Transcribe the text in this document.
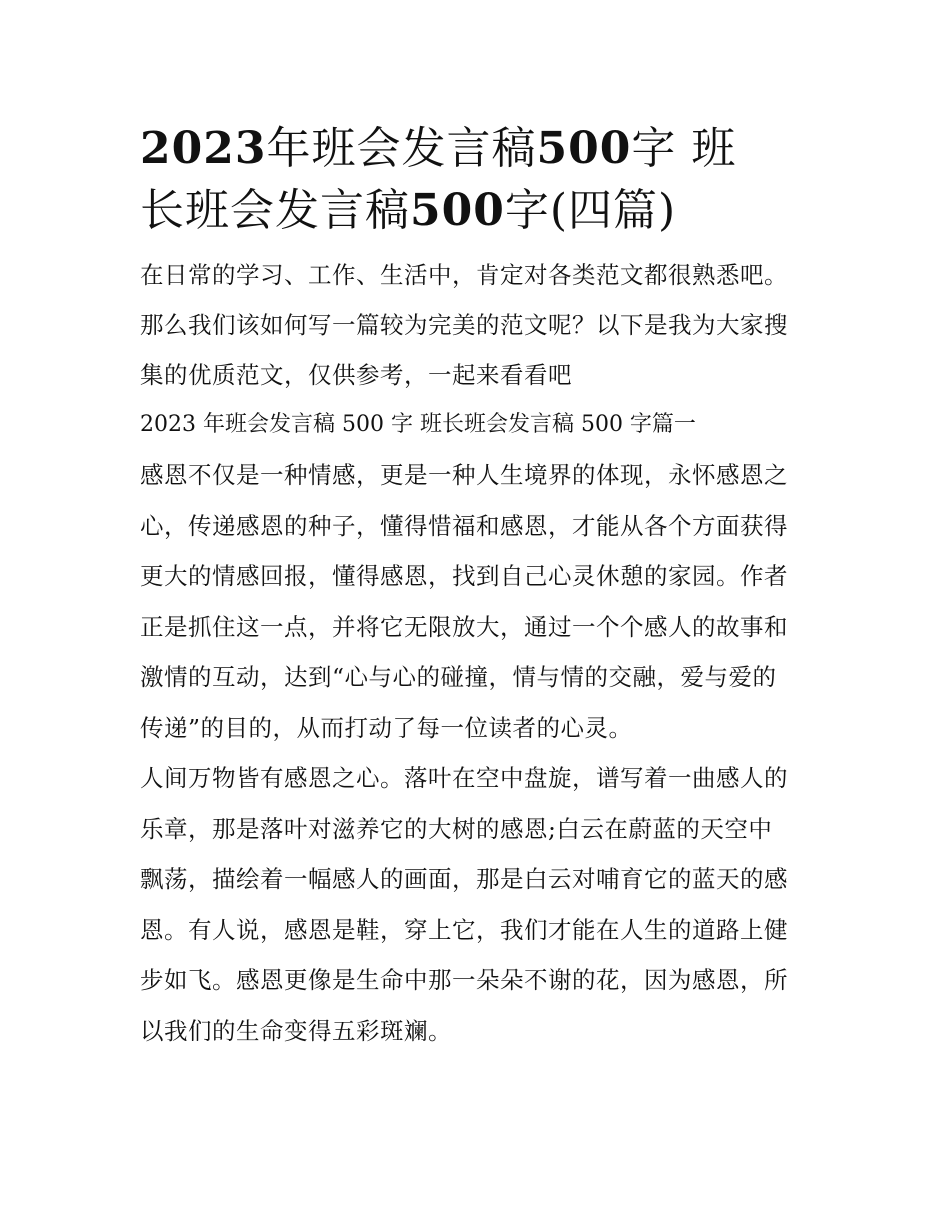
2023年班会发言稿500字 班
长班会发言稿500字(四篇)

在日常的学习、工作、生活中，肯定对各类范文都很熟悉吧。
那么我们该如何写一篇较为完美的范文呢？以下是我为大家搜
集的优质范文，仅供参考，一起来看看吧

2023 年班会发言稿 500 字 班长班会发言稿 500 字篇一

感恩不仅是一种情感，更是一种人生境界的体现，永怀感恩之
心，传递感恩的种子，懂得惜福和感恩，才能从各个方面获得
更大的情感回报，懂得感恩，找到自己心灵休憩的家园。作者
正是抓住这一点，并将它无限放大，通过一个个感人的故事和
激情的互动，达到“心与心的碰撞，情与情的交融，爱与爱的
传递”的目的，从而打动了每一位读者的心灵。

人间万物皆有感恩之心。落叶在空中盘旋，谱写着一曲感人的
乐章，那是落叶对滋养它的大树的感恩;白云在蔚蓝的天空中
飘荡，描绘着一幅感人的画面，那是白云对哺育它的蓝天的感
恩。有人说，感恩是鞋，穿上它，我们才能在人生的道路上健
步如飞。感恩更像是生命中那一朵朵不谢的花，因为感恩，所
以我们的生命变得五彩斑斓。
